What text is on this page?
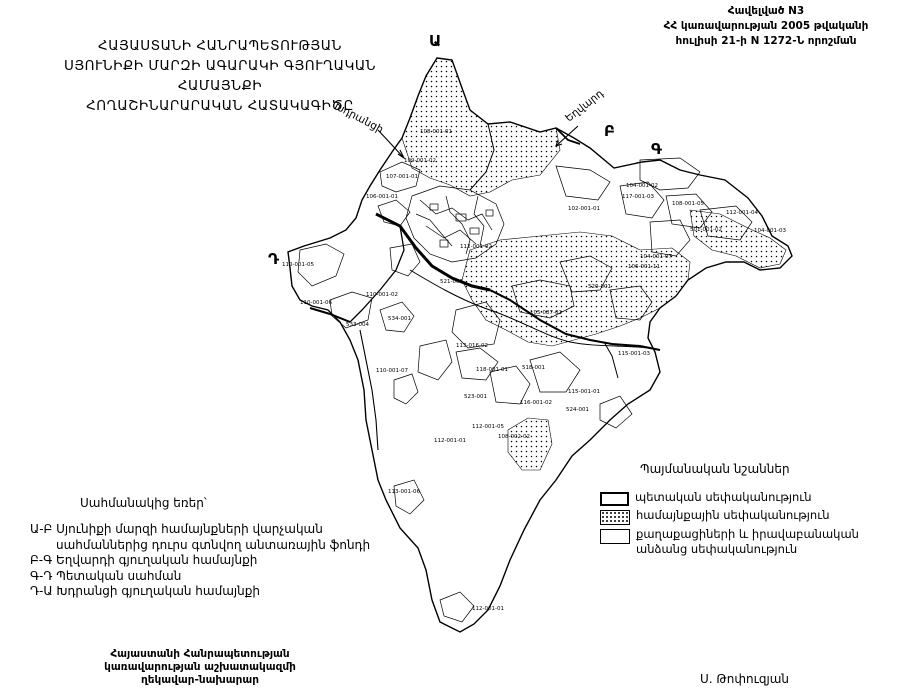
Հավելված N3
ՀՀ կառավարության 2005 թվականի
հուլիսի 21-ի N 1272-Ն որոշման
ՀԱՅԱՍՏԱՆԻ ՀԱՆՐԱՊԵՏՈՒԹՅԱՆ
ՍՅՈՒՆԻՔԻ ՄԱՐԶԻ ԱԳԱՐԱԿԻ ԳՅՈՒՂԱԿԱՆ ՀԱՄԱՅՆՔԻ
ՀՈՂԱՇԻՆԱՐԱՐԱԿԱՆ ՀԱՏԱԿԱԳԻԾԸ
108-001-01
109-001-02
106-001-01
107-001-01
110-001-05
110-001-06
110-001-02
534-001
533-004
521-001
112-001-02
102-001-01
104-001-02
117-001-03
108-001-05
112-001-04
501-001-02	104-001-03
104-001-07
520-001
105-087-01
106-001-11
115-001-03
110-001-07
113-016-02
118-001-01	518-001
523-001
116-001-02
115-001-01
524-001
112-001-05
108-002-02
112-001-01
113-001-06
112-001-01
Ա
Բ
Գ
Դ
Խդրանցի	Եղվարդ
Պայմանական նշաններ
պետական սեփականություն
համայնքային սեփականություն
քաղաքացիների և իրավաբանական
անձանց սեփականություն
Սահմանակից եռեր՝
Ա-Բ Սյունիքի մարզի համայնքների վարչական
սահմաններից դուրս գտնվող անտառային ֆոնդի
Բ-Գ Եղվարդի գյուղական համայնքի
Գ-Դ Պետական սահման
Դ-Ա Խդրանցի գյուղական համայնքի
Հայաստանի Հանրապետության
կառավարության աշխատակազմի
ղեկավար-նախարար	Ս. Թոփուզյան
